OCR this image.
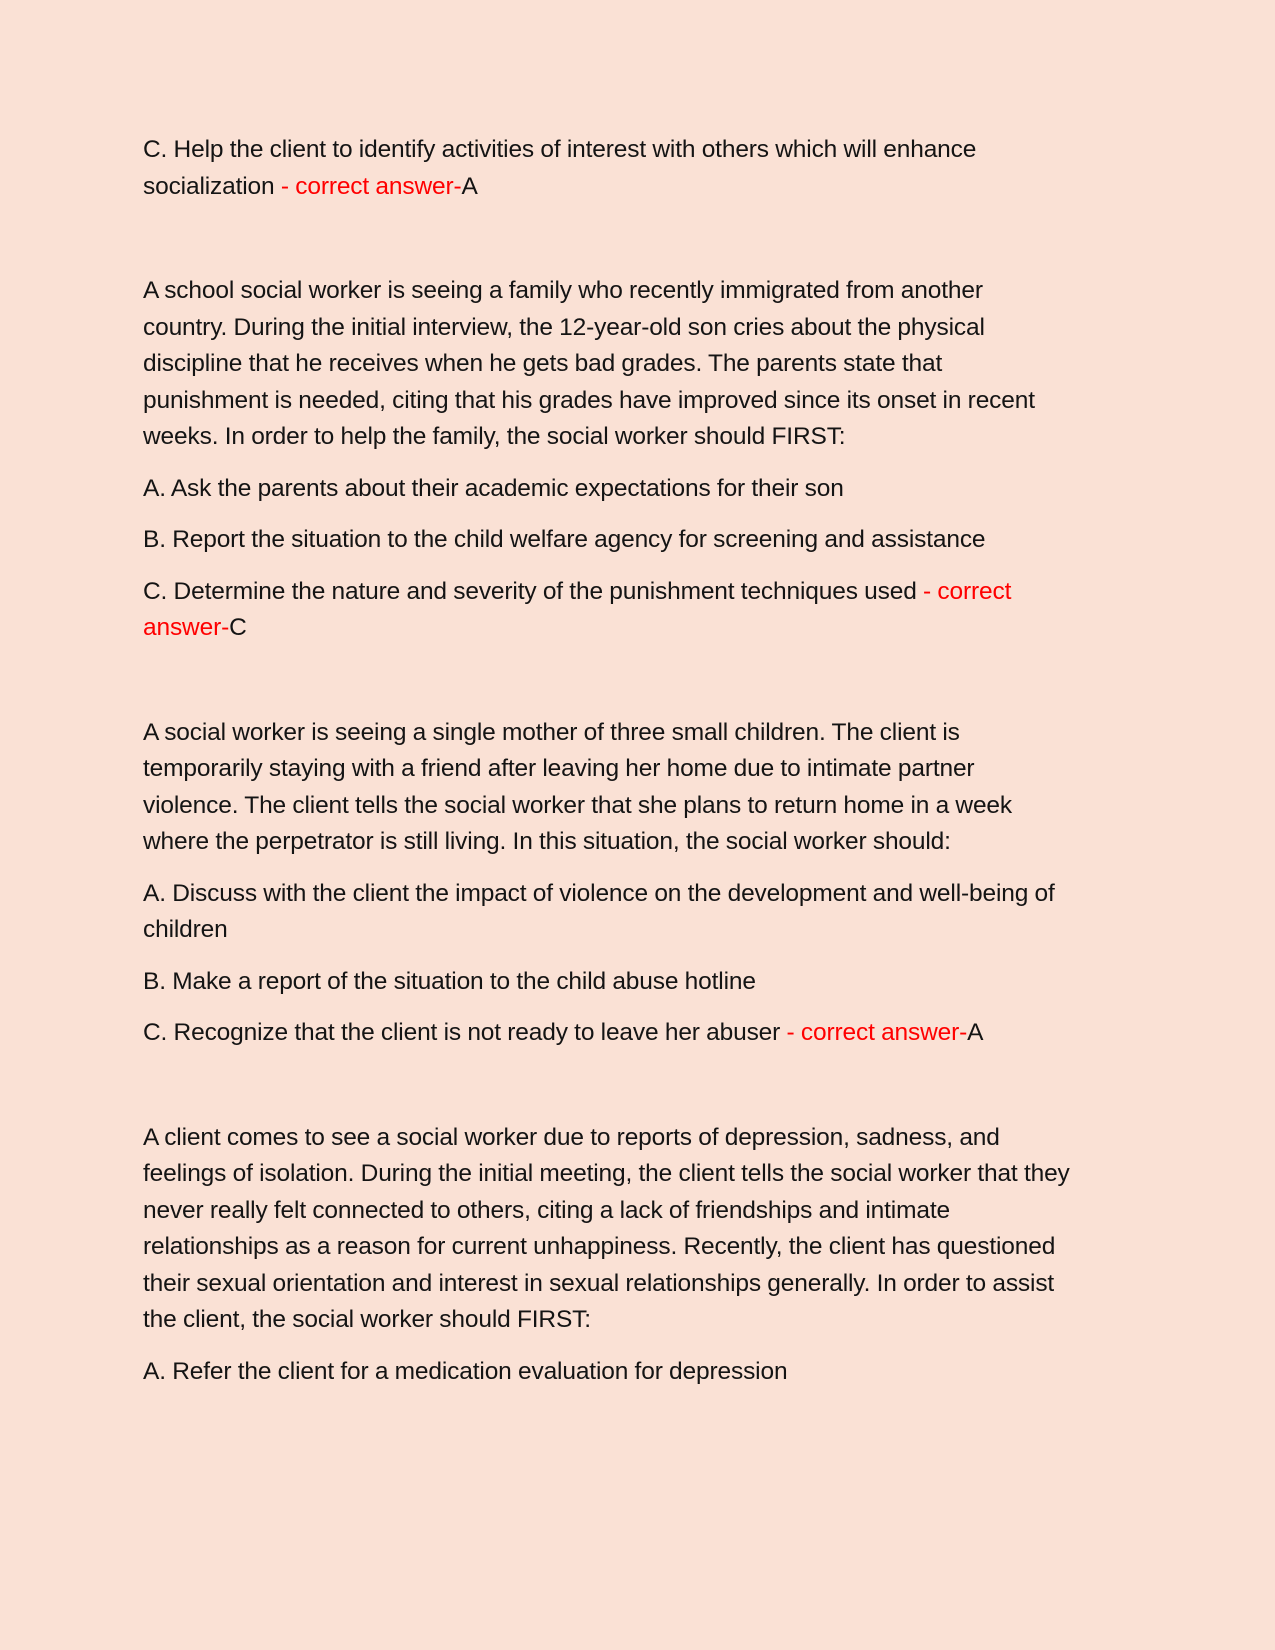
C. Help the client to identify activities of interest with others which will enhance socialization - correct answer-A

A school social worker is seeing a family who recently immigrated from another country. During the initial interview, the 12-year-old son cries about the physical discipline that he receives when he gets bad grades. The parents state that punishment is needed, citing that his grades have improved since its onset in recent weeks. In order to help the family, the social worker should FIRST:

A. Ask the parents about their academic expectations for their son

B. Report the situation to the child welfare agency for screening and assistance

C. Determine the nature and severity of the punishment techniques used - correct answer-C

A social worker is seeing a single mother of three small children. The client is temporarily staying with a friend after leaving her home due to intimate partner violence. The client tells the social worker that she plans to return home in a week where the perpetrator is still living. In this situation, the social worker should:

A. Discuss with the client the impact of violence on the development and well-being of children

B. Make a report of the situation to the child abuse hotline

C. Recognize that the client is not ready to leave her abuser - correct answer-A

A client comes to see a social worker due to reports of depression, sadness, and feelings of isolation. During the initial meeting, the client tells the social worker that they never really felt connected to others, citing a lack of friendships and intimate relationships as a reason for current unhappiness. Recently, the client has questioned their sexual orientation and interest in sexual relationships generally. In order to assist the client, the social worker should FIRST:

A. Refer the client for a medication evaluation for depression
